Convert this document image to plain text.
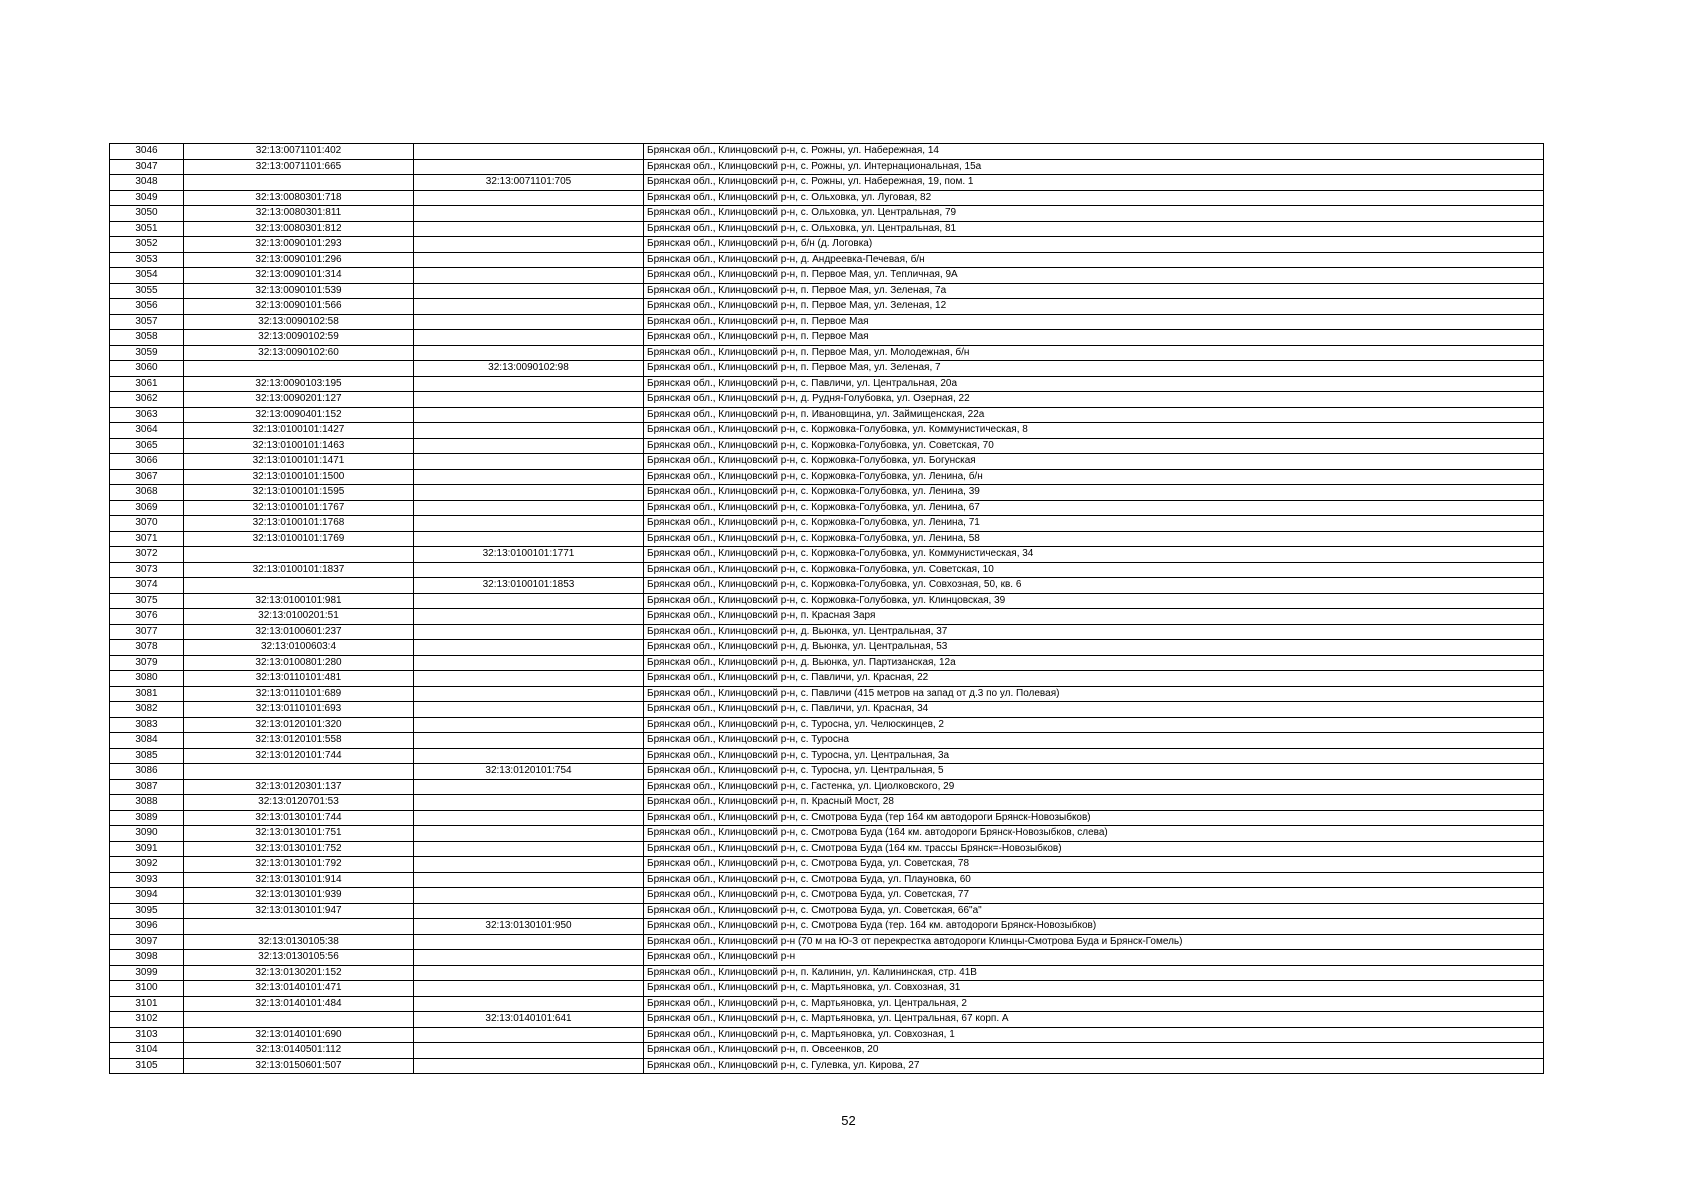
3046	32:13:0071101:402		Брянская обл., Клинцовский р-н, с. Рожны, ул. Набережная, 14
3047	32:13:0071101:665		Брянская обл., Клинцовский р-н, с. Рожны, ул. Интернациональная, 15а
3048		32:13:0071101:705	Брянская обл., Клинцовский р-н, с. Рожны, ул. Набережная, 19, пом. 1
3049	32:13:0080301:718		Брянская обл., Клинцовский р-н, с. Ольховка, ул. Луговая, 82
3050	32:13:0080301:811		Брянская обл., Клинцовский р-н, с. Ольховка, ул. Центральная, 79
3051	32:13:0080301:812		Брянская обл., Клинцовский р-н, с. Ольховка, ул. Центральная, 81
3052	32:13:0090101:293		Брянская обл., Клинцовский р-н, б/н (д. Логовка)
3053	32:13:0090101:296		Брянская обл., Клинцовский р-н, д. Андреевка-Печевая, б/н
3054	32:13:0090101:314		Брянская обл., Клинцовский р-н, п. Первое Мая, ул. Тепличная, 9А
3055	32:13:0090101:539		Брянская обл., Клинцовский р-н, п. Первое Мая, ул. Зеленая, 7а
3056	32:13:0090101:566		Брянская обл., Клинцовский р-н, п. Первое Мая, ул. Зеленая, 12
3057	32:13:0090102:58		Брянская обл., Клинцовский р-н, п. Первое Мая
3058	32:13:0090102:59		Брянская обл., Клинцовский р-н, п. Первое Мая
3059	32:13:0090102:60		Брянская обл., Клинцовский р-н, п. Первое Мая, ул. Молодежная, б/н
3060		32:13:0090102:98	Брянская обл., Клинцовский р-н, п. Первое Мая, ул. Зеленая, 7
3061	32:13:0090103:195		Брянская обл., Клинцовский р-н, с. Павличи, ул. Центральная, 20а
3062	32:13:0090201:127		Брянская обл., Клинцовский р-н, д. Рудня-Голубовка, ул. Озерная, 22
3063	32:13:0090401:152		Брянская обл., Клинцовский р-н, п. Ивановщина, ул. Займищенская, 22а
3064	32:13:0100101:1427		Брянская обл., Клинцовский р-н, с. Коржовка-Голубовка, ул. Коммунистическая, 8
3065	32:13:0100101:1463		Брянская обл., Клинцовский р-н, с. Коржовка-Голубовка, ул. Советская, 70
3066	32:13:0100101:1471		Брянская обл., Клинцовский р-н, с. Коржовка-Голубовка, ул. Богунская
3067	32:13:0100101:1500		Брянская обл., Клинцовский р-н, с. Коржовка-Голубовка, ул. Ленина, б/н
3068	32:13:0100101:1595		Брянская обл., Клинцовский р-н, с. Коржовка-Голубовка, ул. Ленина, 39
3069	32:13:0100101:1767		Брянская обл., Клинцовский р-н, с. Коржовка-Голубовка, ул. Ленина, 67
3070	32:13:0100101:1768		Брянская обл., Клинцовский р-н, с. Коржовка-Голубовка, ул. Ленина, 71
3071	32:13:0100101:1769		Брянская обл., Клинцовский р-н, с. Коржовка-Голубовка, ул. Ленина, 58
3072		32:13:0100101:1771	Брянская обл., Клинцовский р-н, с. Коржовка-Голубовка, ул. Коммунистическая, 34
3073	32:13:0100101:1837		Брянская обл., Клинцовский р-н, с. Коржовка-Голубовка, ул. Советская, 10
3074		32:13:0100101:1853	Брянская обл., Клинцовский р-н, с. Коржовка-Голубовка, ул. Совхозная, 50, кв. 6
3075	32:13:0100101:981		Брянская обл., Клинцовский р-н, с. Коржовка-Голубовка, ул. Клинцовская, 39
3076	32:13:0100201:51		Брянская обл., Клинцовский р-н, п. Красная Заря
3077	32:13:0100601:237		Брянская обл., Клинцовский р-н, д. Вьюнка, ул. Центральная, 37
3078	32:13:0100603:4		Брянская обл., Клинцовский р-н, д. Вьюнка, ул. Центральная, 53
3079	32:13:0100801:280		Брянская обл., Клинцовский р-н, д. Вьюнка, ул. Партизанская, 12а
3080	32:13:0110101:481		Брянская обл., Клинцовский р-н, с. Павличи, ул. Красная, 22
3081	32:13:0110101:689		Брянская обл., Клинцовский р-н, с. Павличи (415 метров на запад от д.3 по ул. Полевая)
3082	32:13:0110101:693		Брянская обл., Клинцовский р-н, с. Павличи, ул. Красная, 34
3083	32:13:0120101:320		Брянская обл., Клинцовский р-н, с. Туросна, ул. Челюскинцев, 2
3084	32:13:0120101:558		Брянская обл., Клинцовский р-н, с. Туросна
3085	32:13:0120101:744		Брянская обл., Клинцовский р-н, с. Туросна, ул. Центральная, 3а
3086		32:13:0120101:754	Брянская обл., Клинцовский р-н, с. Туросна, ул. Центральная, 5
3087	32:13:0120301:137		Брянская обл., Клинцовский р-н, с. Гастенка, ул. Циолковского, 29
3088	32:13:0120701:53		Брянская обл., Клинцовский р-н, п. Красный Мост, 28
3089	32:13:0130101:744		Брянская обл., Клинцовский р-н, с. Смотрова Буда (тер 164 км автодороги Брянск-Новозыбков)
3090	32:13:0130101:751		Брянская обл., Клинцовский р-н, с. Смотрова Буда (164 км. автодороги Брянск-Новозыбков, слева)
3091	32:13:0130101:752		Брянская обл., Клинцовский р-н, с. Смотрова Буда (164 км. трассы Брянск=-Новозыбков)
3092	32:13:0130101:792		Брянская обл., Клинцовский р-н, с. Смотрова Буда, ул. Советская, 78
3093	32:13:0130101:914		Брянская обл., Клинцовский р-н, с. Смотрова Буда, ул. Плауновка, 60
3094	32:13:0130101:939		Брянская обл., Клинцовский р-н, с. Смотрова Буда, ул. Советская, 77
3095	32:13:0130101:947		Брянская обл., Клинцовский р-н, с. Смотрова Буда, ул. Советская, 66"а"
3096		32:13:0130101:950	Брянская обл., Клинцовский р-н, с. Смотрова Буда (тер. 164 км. автодороги Брянск-Новозыбков)
3097	32:13:0130105:38		Брянская обл., Клинцовский р-н (70 м на Ю-З от перекрестка автодороги Клинцы-Смотрова Буда и Брянск-Гомель)
3098	32:13:0130105:56		Брянская обл., Клинцовский р-н
3099	32:13:0130201:152		Брянская обл., Клинцовский р-н, п. Калинин, ул. Калининская, стр. 41В
3100	32:13:0140101:471		Брянская обл., Клинцовский р-н, с. Мартьяновка, ул. Совхозная, 31
3101	32:13:0140101:484		Брянская обл., Клинцовский р-н, с. Мартьяновка, ул. Центральная, 2
3102		32:13:0140101:641	Брянская обл., Клинцовский р-н, с. Мартьяновка, ул. Центральная, 67 корп. А
3103	32:13:0140101:690		Брянская обл., Клинцовский р-н, с. Мартьяновка, ул. Совхозная, 1
3104	32:13:0140501:112		Брянская обл., Клинцовский р-н, п. Овсеенков, 20
3105	32:13:0150601:507		Брянская обл., Клинцовский р-н, с. Гулевка, ул. Кирова, 27
52
